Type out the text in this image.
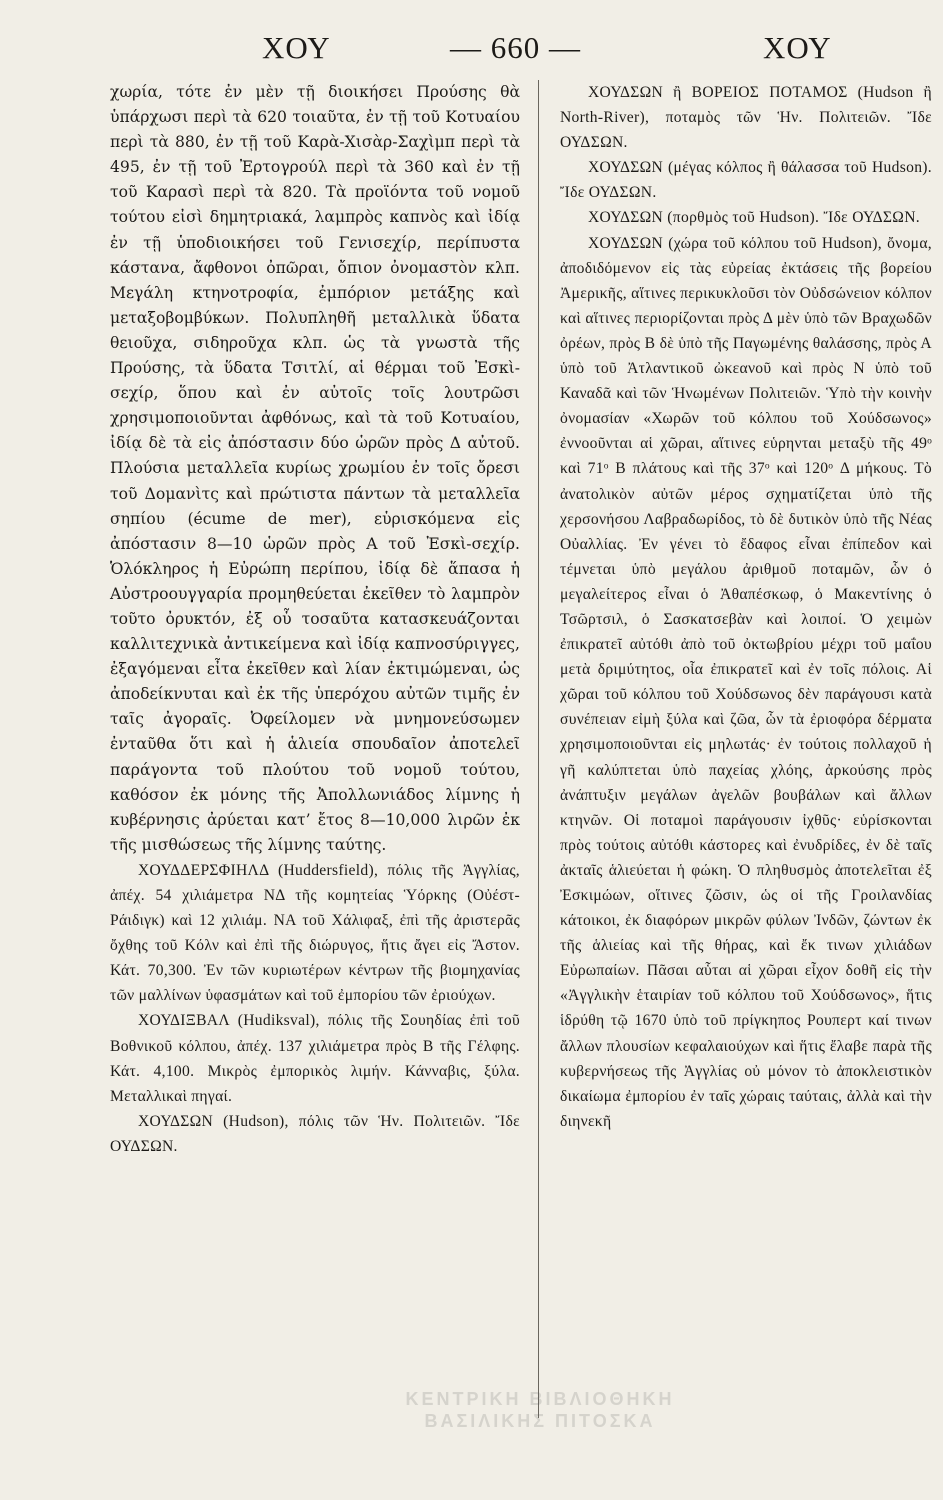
ΧΟΥ	— 660 —	ΧΟΥ

χωρία, τότε ἐν μὲν τῇ διοικήσει Προύσης θὰ ὑπάρχωσι περὶ τὰ 620 τοιαῦτα, ἐν τῇ τοῦ Κοτυαίου περὶ τὰ 880, ἐν τῇ τοῦ Καρὰ-Χισὰρ-Σαχὶμπ περὶ τὰ 495, ἐν τῇ τοῦ Ἐρτογρούλ περὶ τὰ 360 καὶ ἐν τῇ τοῦ Καρασὶ περὶ τὰ 820. Τὰ προϊόντα τοῦ νομοῦ τούτου εἰσὶ δημητριακά, λαμπρὸς καπνὸς καὶ ἰδίᾳ ἐν τῇ ὑποδιοικήσει τοῦ Γενισεχίρ, περίπυστα κάστανα, ἄφθονοι ὀπῶραι, ὄπιον ὀνομαστὸν κλπ. Μεγάλη κτηνοτροφία, ἐμπόριον μετάξης καὶ μεταξοβομβύκων. Πολυπληθῆ μεταλλικὰ ὕδατα θειοῦχα, σιδηροῦχα κλπ. ὡς τὰ γνωστὰ τῆς Προύσης, τὰ ὕδατα Τσιτλί, αἱ θέρμαι τοῦ Ἐσκὶ-σεχίρ, ὅπου καὶ ἐν αὐτοῖς τοῖς λουτρῶσι χρησιμοποιοῦνται ἀφθόνως, καὶ τὰ τοῦ Κοτυαίου, ἰδίᾳ δὲ τὰ εἰς ἀπόστασιν δύο ὡρῶν πρὸς Δ αὐτοῦ. Πλούσια μεταλλεῖα κυρίως χρωμίου ἐν τοῖς ὄρεσι τοῦ Δομανὶτς καὶ πρώτιστα πάντων τὰ μεταλλεῖα σηπίου (écume de mer), εὑρισκόμενα εἰς ἀπόστασιν 8—10 ὡρῶν πρὸς Α τοῦ Ἐσκὶ-σεχίρ. Ὁλόκληρος ἡ Εὐρώπη περίπου, ἰδίᾳ δὲ ἅπασα ἡ Αὐστροουγγαρία προμηθεύεται ἐκεῖθεν τὸ λαμπρὸν τοῦτο ὀρυκτόν, ἐξ οὗ τοσαῦτα κατασκευάζονται καλλιτεχνικὰ ἀντικείμενα καὶ ἰδίᾳ καπνοσύριγγες, ἐξαγόμεναι εἶτα ἐκεῖθεν καὶ λίαν ἐκτιμώμεναι, ὡς ἀποδείκνυται καὶ ἐκ τῆς ὑπερόχου αὐτῶν τιμῆς ἐν ταῖς ἀγοραῖς. Ὀφείλομεν νὰ μνημονεύσωμεν ἐνταῦθα ὅτι καὶ ἡ ἁλιεία σπουδαῖον ἀποτελεῖ παράγοντα τοῦ πλούτου τοῦ νομοῦ τούτου, καθόσον ἐκ μόνης τῆς Ἀπολλωνιάδος λίμνης ἡ κυβέρνησις ἀρύεται κατ’ ἔτος 8—10,000 λιρῶν ἐκ τῆς μισθώσεως τῆς λίμνης ταύτης.

ΧΟΥΔΔΕΡΣΦΙΗΛΔ (Huddersfield), πόλις τῆς Ἀγγλίας, ἀπέχ. 54 χιλιάμετρα ΝΔ τῆς κομητείας Ὑόρκης (Οὐέστ-Ράιδιγκ) καὶ 12 χιλιάμ. ΝΑ τοῦ Χάλιφαξ, ἐπὶ τῆς ἀριστερᾶς ὄχθης τοῦ Κόλν καὶ ἐπὶ τῆς διώρυγος, ἥτις ἄγει εἰς Ἄστον. Κάτ. 70,300. Ἐν τῶν κυριωτέρων κέντρων τῆς βιομηχανίας τῶν μαλλίνων ὑφασμάτων καὶ τοῦ ἐμπορίου τῶν ἐριούχων.

ΧΟΥΔΙΞΒΑΛ (Hudiksval), πόλις τῆς Σουηδίας ἐπὶ τοῦ Βοθνικοῦ κόλπου, ἀπέχ. 137 χιλιάμετρα πρὸς Β τῆς Γέλφης. Κάτ. 4,100. Μικρὸς ἐμπορικὸς λιμήν. Κάνναβις, ξύλα. Μεταλλικαὶ πηγαί.

ΧΟΥΔΣΩΝ (Hudson), πόλις τῶν Ἡν. Πολιτειῶν. Ἴδε ΟΥΔΣΩΝ.

ΧΟΥΔΣΩΝ ἢ ΒΟΡΕΙΟΣ ΠΟΤΑΜΟΣ (Hudson ἢ North-River), ποταμὸς τῶν Ἡν. Πολιτειῶν. Ἴδε ΟΥΔΣΩΝ.

ΧΟΥΔΣΩΝ (μέγας κόλπος ἢ θάλασσα τοῦ Hudson). Ἴδε ΟΥΔΣΩΝ.

ΧΟΥΔΣΩΝ (πορθμὸς τοῦ Hudson). Ἴδε ΟΥΔΣΩΝ.

ΧΟΥΔΣΩΝ (χώρα τοῦ κόλπου τοῦ Hudson), ὄνομα, ἀποδιδόμενον εἰς τὰς εὐρείας ἐκτάσεις τῆς βορείου Ἀμερικῆς, αἵτινες περικυκλοῦσι τὸν Οὐδσώνειον κόλπον καὶ αἵτινες περιορίζονται πρὸς Δ μὲν ὑπὸ τῶν Βραχωδῶν ὀρέων, πρὸς Β δὲ ὑπὸ τῆς Παγωμένης θαλάσσης, πρὸς Α ὑπὸ τοῦ Ἀτλαντικοῦ ὠκεανοῦ καὶ πρὸς Ν ὑπὸ τοῦ Καναδᾶ καὶ τῶν Ἡνωμένων Πολιτειῶν. Ὑπὸ τὴν κοινὴν ὀνομασίαν «Χωρῶν τοῦ κόλπου τοῦ Χούδσωνος» ἐννοοῦνται αἱ χῶραι, αἵτινες εὑρηνται μεταξὺ τῆς 49ᵒ καὶ 71ᵒ Β πλάτους καὶ τῆς 37ᵒ καὶ 120ᵒ Δ μήκους. Τὸ ἀνατολικὸν αὐτῶν μέρος σχηματίζεται ὑπὸ τῆς χερσονήσου Λαβραδωρίδος, τὸ δὲ δυτικὸν ὑπὸ τῆς Νέας Οὐαλλίας. Ἐν γένει τὸ ἔδαφος εἶναι ἐπίπεδον καὶ τέμνεται ὑπὸ μεγάλου ἀριθμοῦ ποταμῶν, ὧν ὁ μεγαλείτερος εἶναι ὁ Ἀθαπέσκωφ, ὁ Μακεντίνης ὁ Τσῶρτσιλ, ὁ Σασκατσεβὰν καὶ λοιποί. Ὁ χειμὼν ἐπικρατεῖ αὐτόθι ἀπὸ τοῦ ὀκτωβρίου μέχρι τοῦ μαΐου μετὰ δριμύτητος, οἷα ἐπικρατεῖ καὶ ἐν τοῖς πόλοις. Αἱ χῶραι τοῦ κόλπου τοῦ Χούδσωνος δὲν παράγουσι κατὰ συνέπειαν εἰμὴ ξύλα καὶ ζῶα, ὧν τὰ ἐριοφόρα δέρματα χρησιμοποιοῦνται εἰς μηλωτάς· ἐν τούτοις πολλαχοῦ ἡ γῆ καλύπτεται ὑπὸ παχείας χλόης, ἀρκούσης πρὸς ἀνάπτυξιν μεγάλων ἀγελῶν βουβάλων καὶ ἄλλων κτηνῶν. Οἱ ποταμοὶ παράγουσιν ἰχθῦς· εὑρίσκονται πρὸς τούτοις αὐτόθι κάστορες καὶ ἐνυδρίδες, ἐν δὲ ταῖς ἀκταῖς ἁλιεύεται ἡ φώκη. Ὁ πληθυσμὸς ἀποτελεῖται ἐξ Ἐσκιμώων, οἵτινες ζῶσιν, ὡς οἱ τῆς Γροιλανδίας κάτοικοι, ἐκ διαφόρων μικρῶν φύλων Ἰνδῶν, ζώντων ἐκ τῆς ἁλιείας καὶ τῆς θήρας, καὶ ἔκ τινων χιλιάδων Εὐρωπαίων. Πᾶσαι αὗται αἱ χῶραι εἶχον δοθῆ εἰς τὴν «Ἀγγλικὴν ἑταιρίαν τοῦ κόλπου τοῦ Χούδσωνος», ἥτις ἱδρύθη τῷ 1670 ὑπὸ τοῦ πρίγκηπος Ρουπερτ καί τινων ἄλλων πλουσίων κεφαλαιούχων καὶ ἥτις ἔλαβε παρὰ τῆς κυβερνήσεως τῆς Ἀγγλίας οὐ μόνον τὸ ἀποκλειστικὸν δικαίωμα ἐμπορίου ἐν ταῖς χώραις ταύταις, ἀλλὰ καὶ τὴν διηνεκῆ

ΚΕΝΤΡΙΚΗ ΒΙΒΛΙΟΘΗΚΗ
ΒΑΣΙΛΙΚΗΣ ΠΙΤΟΣΚΑ
